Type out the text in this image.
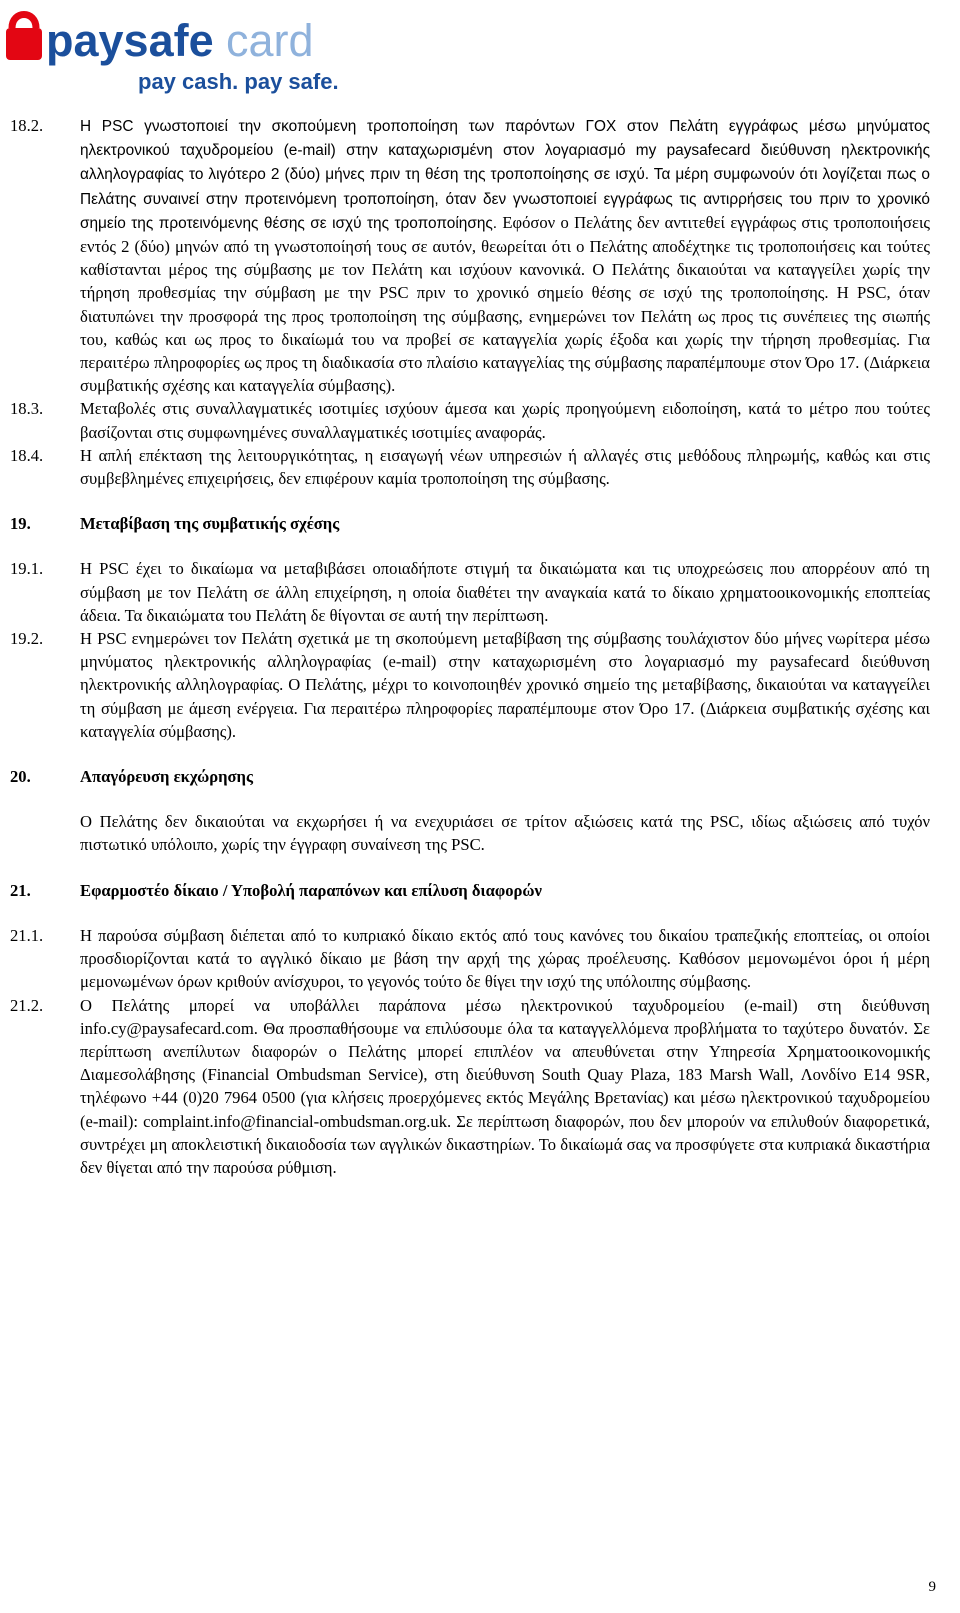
paysafe card
pay cash. pay safe.
18.2.	Η PSC γνωστοποιεί την σκοπούμενη τροποποίηση των παρόντων ΓΟΧ στον Πελάτη εγγράφως μέσω μηνύματος ηλεκτρονικού ταχυδρομείου (e-mail) στην καταχωρισμένη στον λογαριασμό my paysafecard διεύθυνση ηλεκτρονικής αλληλογραφίας το λιγότερο 2 (δύο) μήνες πριν τη θέση της τροποποίησης σε ισχύ. Τα μέρη συμφωνούν ότι λογίζεται πως ο Πελάτης συναινεί στην προτεινόμενη τροποποίηση, όταν δεν γνωστοποιεί εγγράφως τις αντιρρήσεις του πριν το χρονικό σημείο της προτεινόμενης θέσης σε ισχύ της τροποποίησης. Εφόσον ο Πελάτης δεν αντιτεθεί εγγράφως στις τροποποιήσεις εντός 2 (δύο) μηνών από τη γνωστοποίησή τους σε αυτόν, θεωρείται ότι ο Πελάτης αποδέχτηκε τις τροποποιήσεις και τούτες καθίστανται μέρος της σύμβασης με τον Πελάτη και ισχύουν κανονικά. Ο Πελάτης δικαιούται να καταγγείλει χωρίς την τήρηση προθεσμίας την σύμβαση με την PSC πριν το χρονικό σημείο θέσης σε ισχύ της τροποποίησης. Η PSC, όταν διατυπώνει την προσφορά της προς τροποποίηση της σύμβασης, ενημερώνει τον Πελάτη ως προς τις συνέπειες της σιωπής του, καθώς και ως προς το δικαίωμά του να προβεί σε καταγγελία χωρίς έξοδα και χωρίς την τήρηση προθεσμίας. Για περαιτέρω πληροφορίες ως προς τη διαδικασία στο πλαίσιο καταγγελίας της σύμβασης παραπέμπουμε στον Όρο 17. (Διάρκεια συμβατικής σχέσης και καταγγελία σύμβασης).
18.3.	Μεταβολές στις συναλλαγματικές ισοτιμίες ισχύουν άμεσα και χωρίς προηγούμενη ειδοποίηση, κατά το μέτρο που τούτες βασίζονται στις συμφωνημένες συναλλαγματικές ισοτιμίες αναφοράς.
18.4.	Η απλή επέκταση της λειτουργικότητας, η εισαγωγή νέων υπηρεσιών ή αλλαγές στις μεθόδους πληρωμής, καθώς και στις συμβεβλημένες επιχειρήσεις, δεν επιφέρουν καμία τροποποίηση της σύμβασης.
19.	Μεταβίβαση της συμβατικής σχέσης
19.1.	Η PSC έχει το δικαίωμα να μεταβιβάσει οποιαδήποτε στιγμή τα δικαιώματα και τις υποχρεώσεις που απορρέουν από τη σύμβαση με τον Πελάτη σε άλλη επιχείρηση, η οποία διαθέτει την αναγκαία κατά το δίκαιο χρηματοοικονομικής εποπτείας άδεια. Τα δικαιώματα του Πελάτη δε θίγονται σε αυτή την περίπτωση.
19.2.	Η PSC ενημερώνει τον Πελάτη σχετικά με τη σκοπούμενη μεταβίβαση της σύμβασης τουλάχιστον δύο μήνες νωρίτερα μέσω μηνύματος ηλεκτρονικής αλληλογραφίας (e-mail) στην καταχωρισμένη στο λογαριασμό my paysafecard διεύθυνση ηλεκτρονικής αλληλογραφίας. Ο Πελάτης, μέχρι το κοινοποιηθέν χρονικό σημείο της μεταβίβασης, δικαιούται να καταγγείλει τη σύμβαση με άμεση ενέργεια. Για περαιτέρω πληροφορίες παραπέμπουμε στον Όρο 17. (Διάρκεια συμβατικής σχέσης και καταγγελία σύμβασης).
20.	Απαγόρευση εκχώρησης
Ο Πελάτης δεν δικαιούται να εκχωρήσει ή να ενεχυριάσει σε τρίτον αξιώσεις κατά της PSC, ιδίως αξιώσεις από τυχόν πιστωτικό υπόλοιπο, χωρίς την έγγραφη συναίνεση της PSC.
21.	Εφαρμοστέο δίκαιο / Υποβολή παραπόνων και επίλυση διαφορών
21.1.	Η παρούσα σύμβαση διέπεται από το κυπριακό δίκαιο εκτός από τους κανόνες του δικαίου τραπεζικής εποπτείας, οι οποίοι προσδιορίζονται κατά το αγγλικό δίκαιο με βάση την αρχή της χώρας προέλευσης. Καθόσον μεμονωμένοι όροι ή μέρη μεμονωμένων όρων κριθούν ανίσχυροι, το γεγονός τούτο δε θίγει την ισχύ της υπόλοιπης σύμβασης.
21.2.	Ο Πελάτης μπορεί να υποβάλλει παράπονα μέσω ηλεκτρονικού ταχυδρομείου (e-mail) στη διεύθυνση info.cy@paysafecard.com. Θα προσπαθήσουμε να επιλύσουμε όλα τα καταγγελλόμενα προβλήματα το ταχύτερο δυνατόν. Σε περίπτωση ανεπίλυτων διαφορών ο Πελάτης μπορεί επιπλέον να απευθύνεται στην Υπηρεσία Χρηματοοικονομικής Διαμεσολάβησης (Financial Ombudsman Service), στη διεύθυνση South Quay Plaza, 183 Marsh Wall, Λονδίνο E14 9SR, τηλέφωνο +44 (0)20 7964 0500 (για κλήσεις προερχόμενες εκτός Μεγάλης Βρετανίας) και μέσω ηλεκτρονικού ταχυδρομείου (e-mail): complaint.info@financial-ombudsman.org.uk. Σε περίπτωση διαφορών, που δεν μπορούν να επιλυθούν διαφορετικά, συντρέχει μη αποκλειστική δικαιοδοσία των αγγλικών δικαστηρίων. Το δικαίωμά σας να προσφύγετε στα κυπριακά δικαστήρια δεν θίγεται από την παρούσα ρύθμιση.
9
